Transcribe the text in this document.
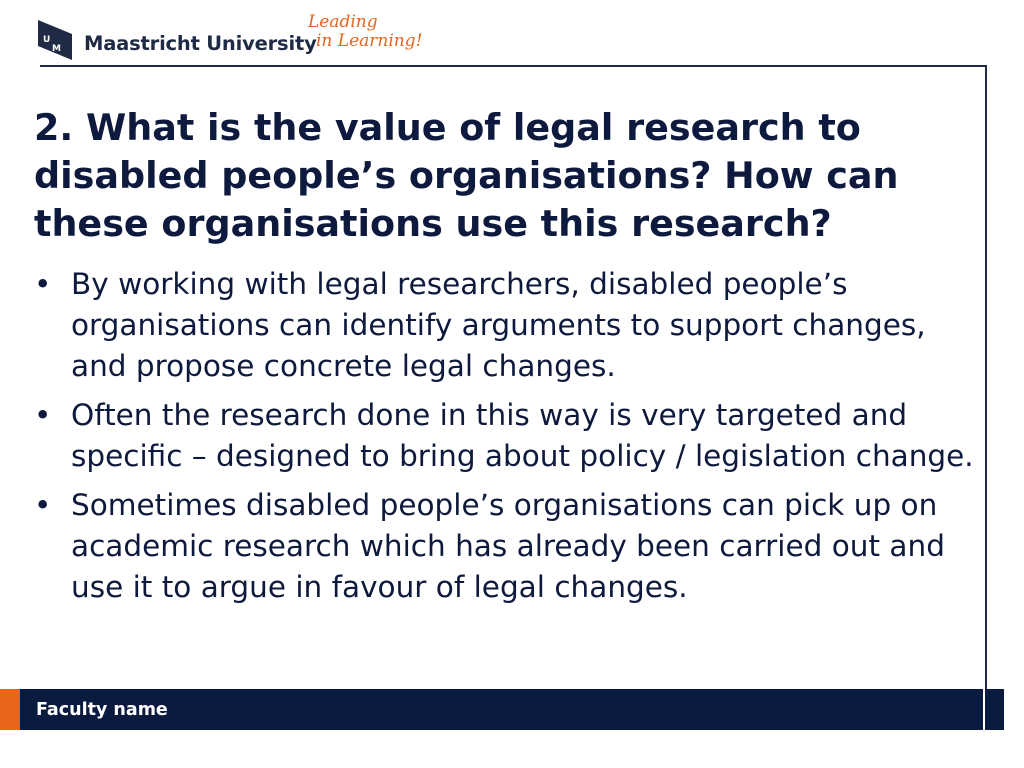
U
M Maastricht University
Leading
in Learning!
2. What is the value of legal research to disabled people’s organisations? How can these organisations use this research?
• By working with legal researchers, disabled people’s organisations can identify arguments to support changes, and propose concrete legal changes.
• Often the research done in this way is very targeted and specific – designed to bring about policy / legislation change.
• Sometimes disabled people’s organisations can pick up on academic research which has already been carried out and use it to argue in favour of legal changes.
Faculty name
